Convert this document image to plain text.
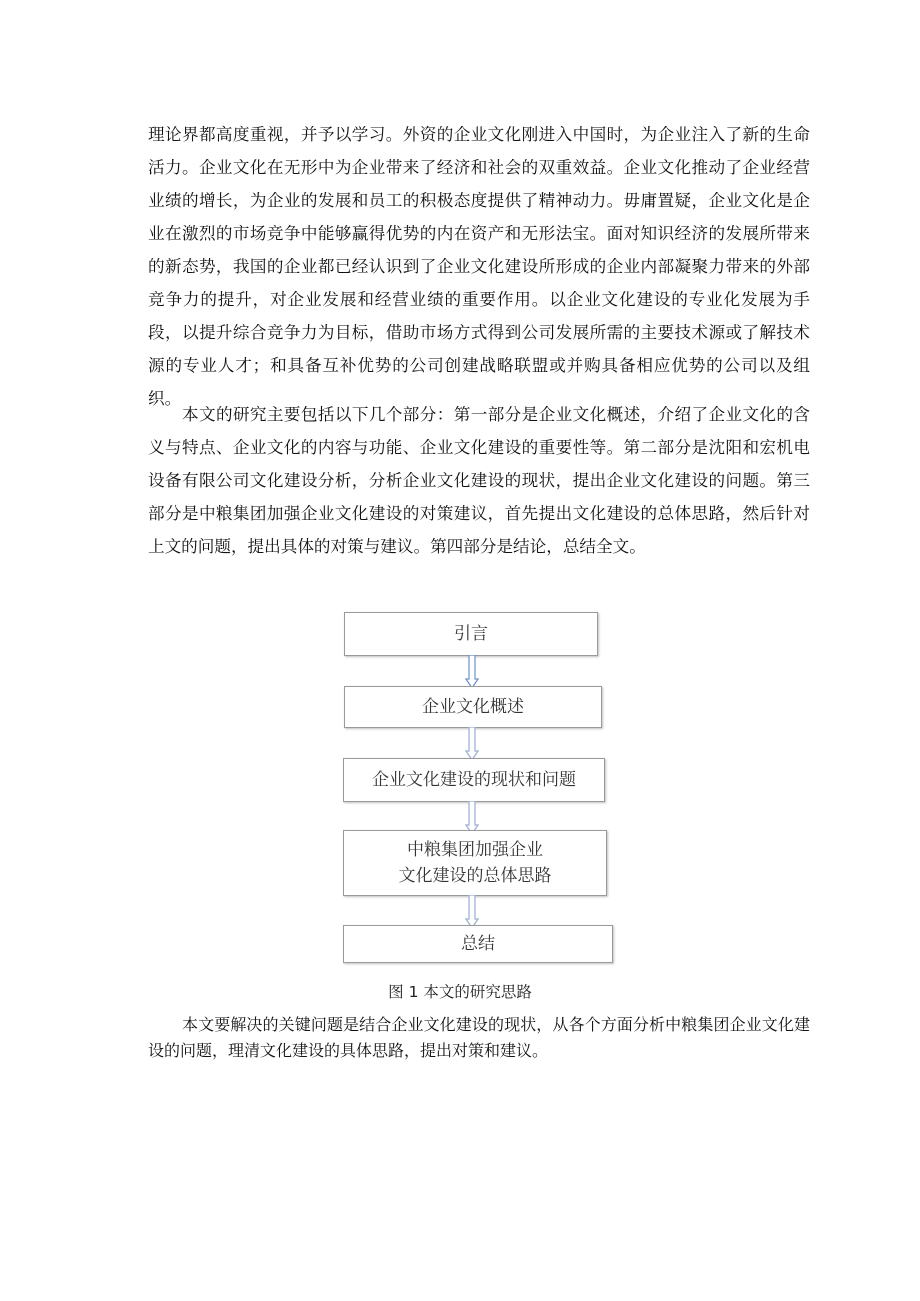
理论界都高度重视，并予以学习。外资的企业文化刚进入中国时，为企业注入了新的生命活力。企业文化在无形中为企业带来了经济和社会的双重效益。企业文化推动了企业经营业绩的增长，为企业的发展和员工的积极态度提供了精神动力。毋庸置疑，企业文化是企业在激烈的市场竞争中能够赢得优势的内在资产和无形法宝。面对知识经济的发展所带来的新态势，我国的企业都已经认识到了企业文化建设所形成的企业内部凝聚力带来的外部竞争力的提升，对企业发展和经营业绩的重要作用。以企业文化建设的专业化发展为手段，以提升综合竞争力为目标，借助市场方式得到公司发展所需的主要技术源或了解技术源的专业人才；和具备互补优势的公司创建战略联盟或并购具备相应优势的公司以及组织。

本文的研究主要包括以下几个部分：第一部分是企业文化概述，介绍了企业文化的含义与特点、企业文化的内容与功能、企业文化建设的重要性等。第二部分是沈阳和宏机电设备有限公司文化建设分析，分析企业文化建设的现状，提出企业文化建设的问题。第三部分是中粮集团加强企业文化建设的对策建议，首先提出文化建设的总体思路，然后针对上文的问题，提出具体的对策与建议。第四部分是结论，总结全文。

引言
企业文化概述
企业文化建设的现状和问题
中粮集团加强企业
文化建设的总体思路
总结
图 1 本文的研究思路

本文要解决的关键问题是结合企业文化建设的现状，从各个方面分析中粮集团企业文化建设的问题，理清文化建设的具体思路，提出对策和建议。
